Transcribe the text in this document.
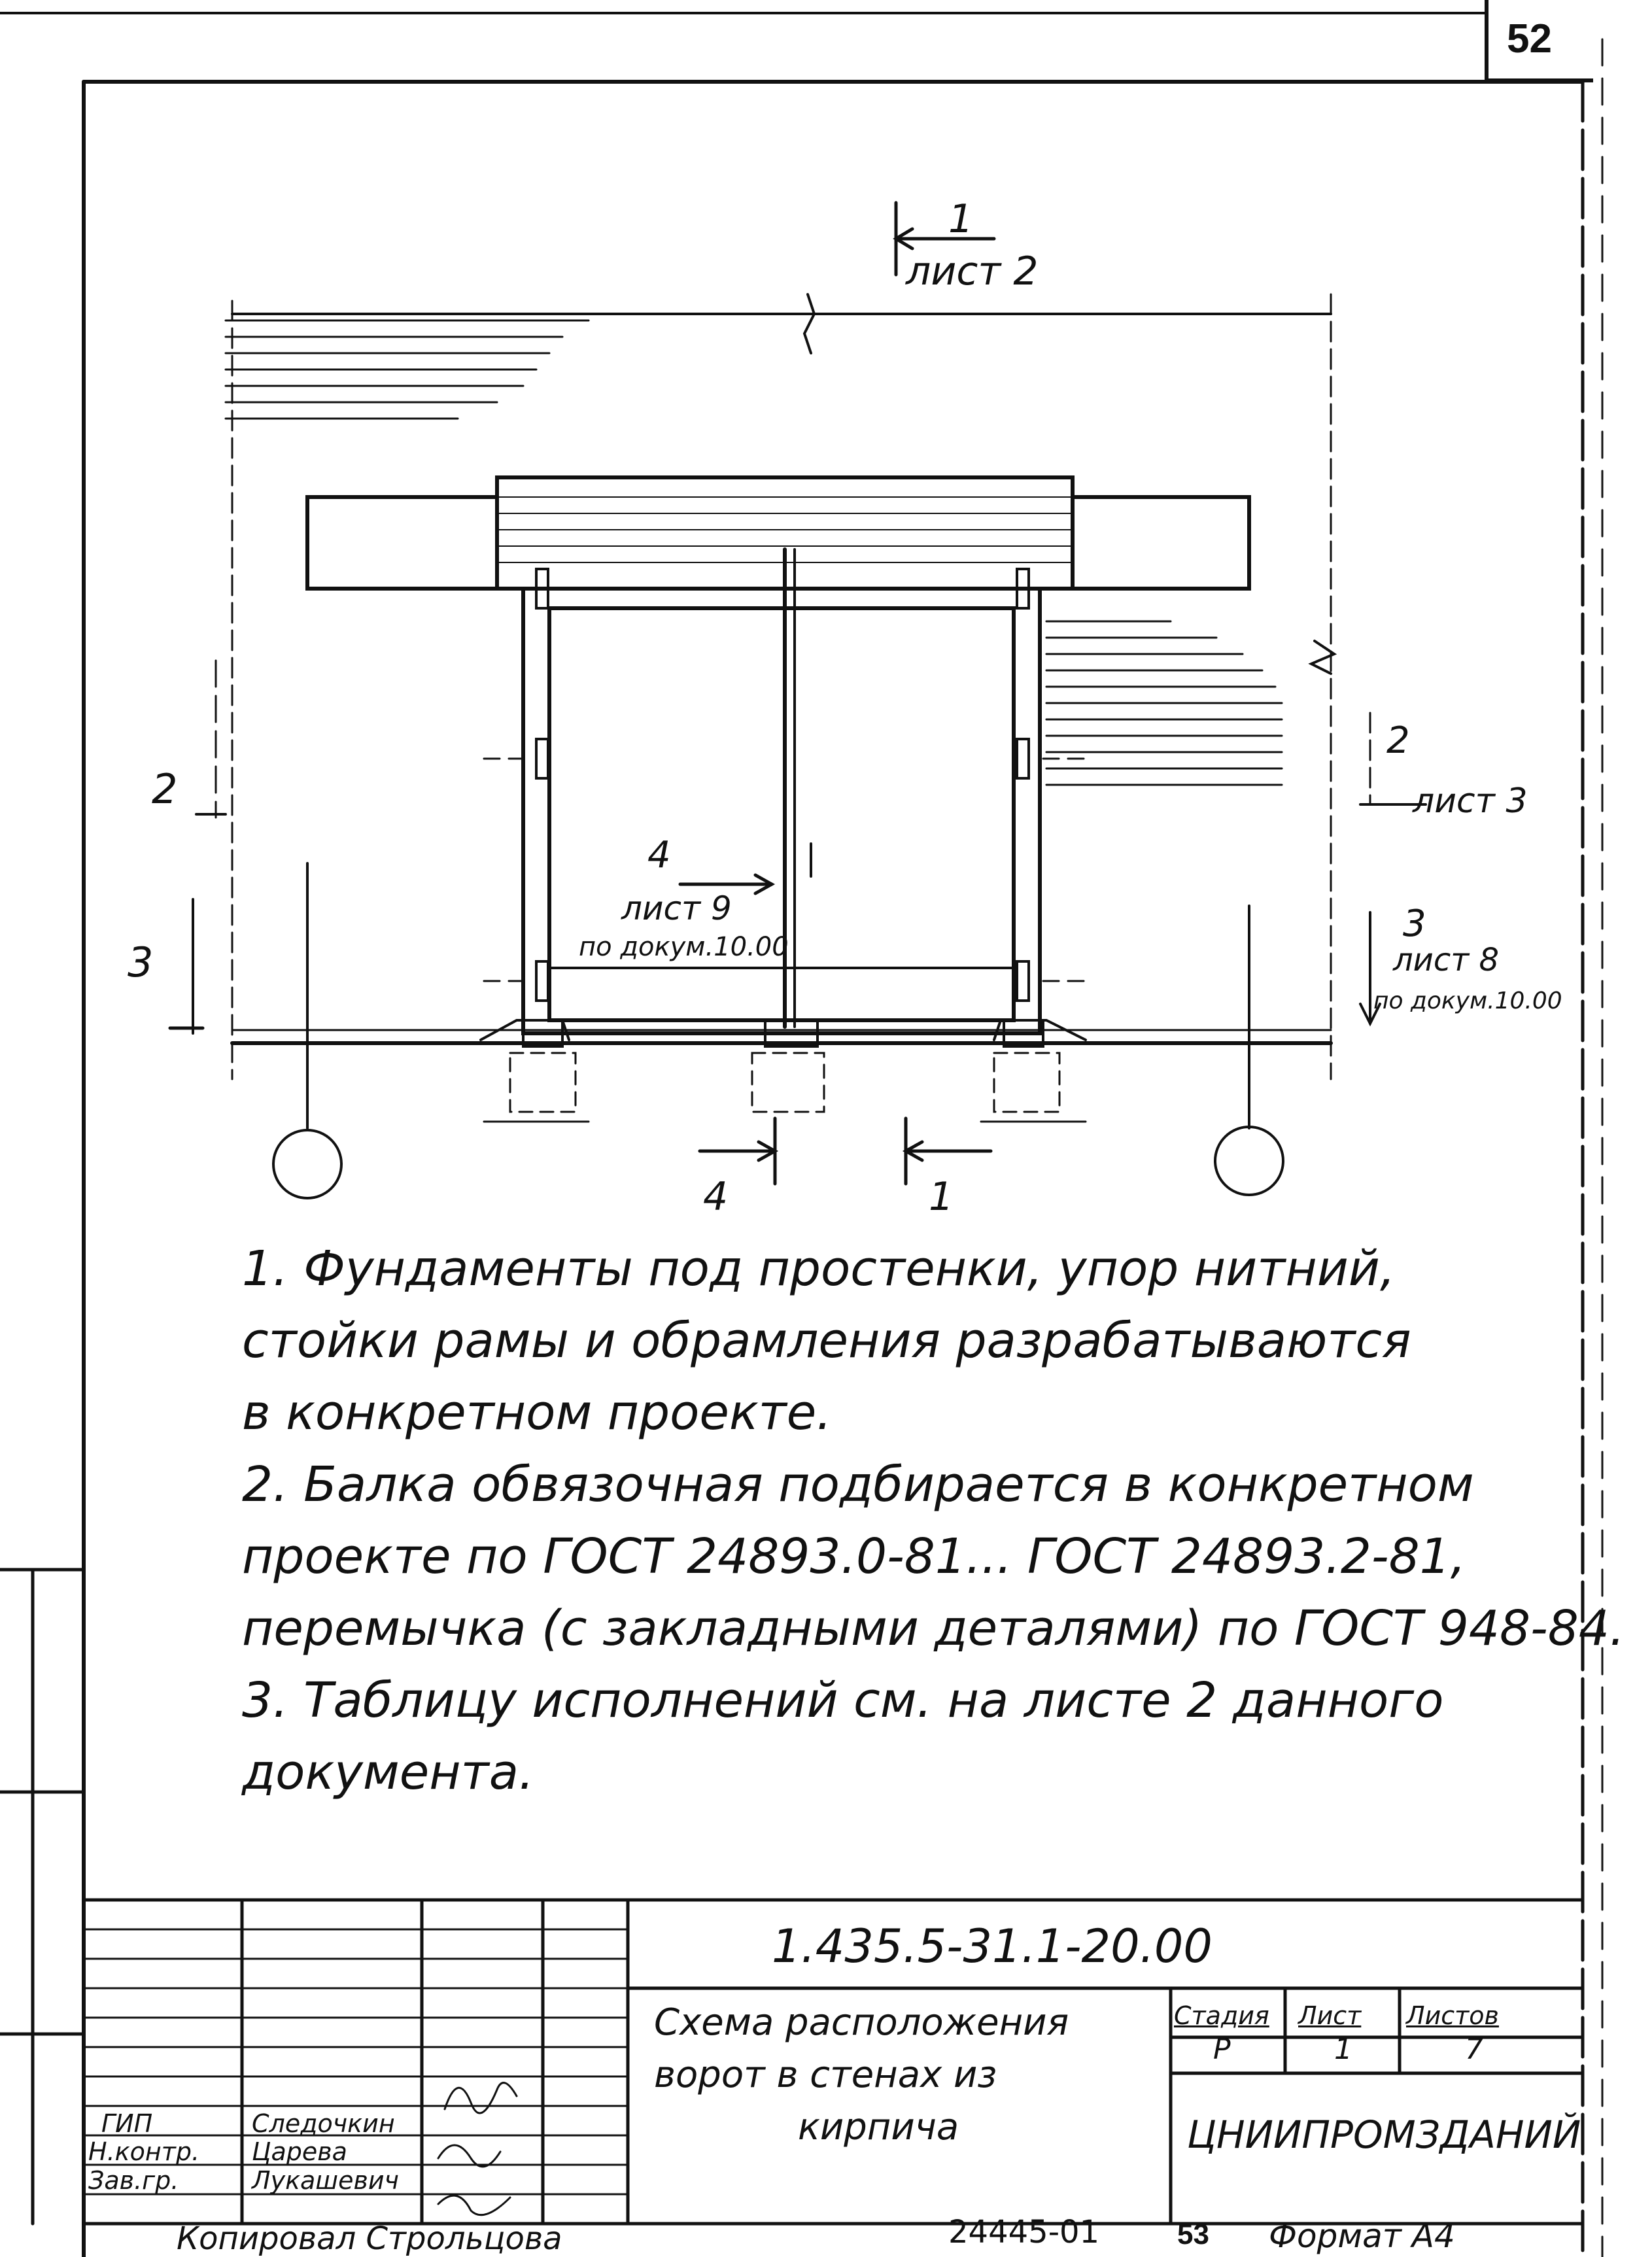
52
1
лист 2
2
2
лист 3
3
3
лист 8
по докум.10.00
4
лист 9
по докум.10.00
4	1
1. Фундаменты под простенки, упор нитний,
стойки рамы и обрамления разрабатываются
в конкретном проекте.
2. Балка обвязочная подбирается в конкретном
проекте по ГОСТ 24893.0-81... ГОСТ 24893.2-81,
перемычка (с закладными деталями) по ГОСТ 948-84.
3. Таблицу исполнений см. на листе 2 данного
документа.
1.435.5-31.1-20.00
Схема расположения
ворот в стенах из
кирпича
Стадия Лист Листов
Р	1	7
ЦНИИПРОМЗДАНИЙ
ГИП	Следочкин
Н.контр. Царева
Зав.гр.	Лукашевич
Копировал Строльцова	24445-01	53 Формат А4
